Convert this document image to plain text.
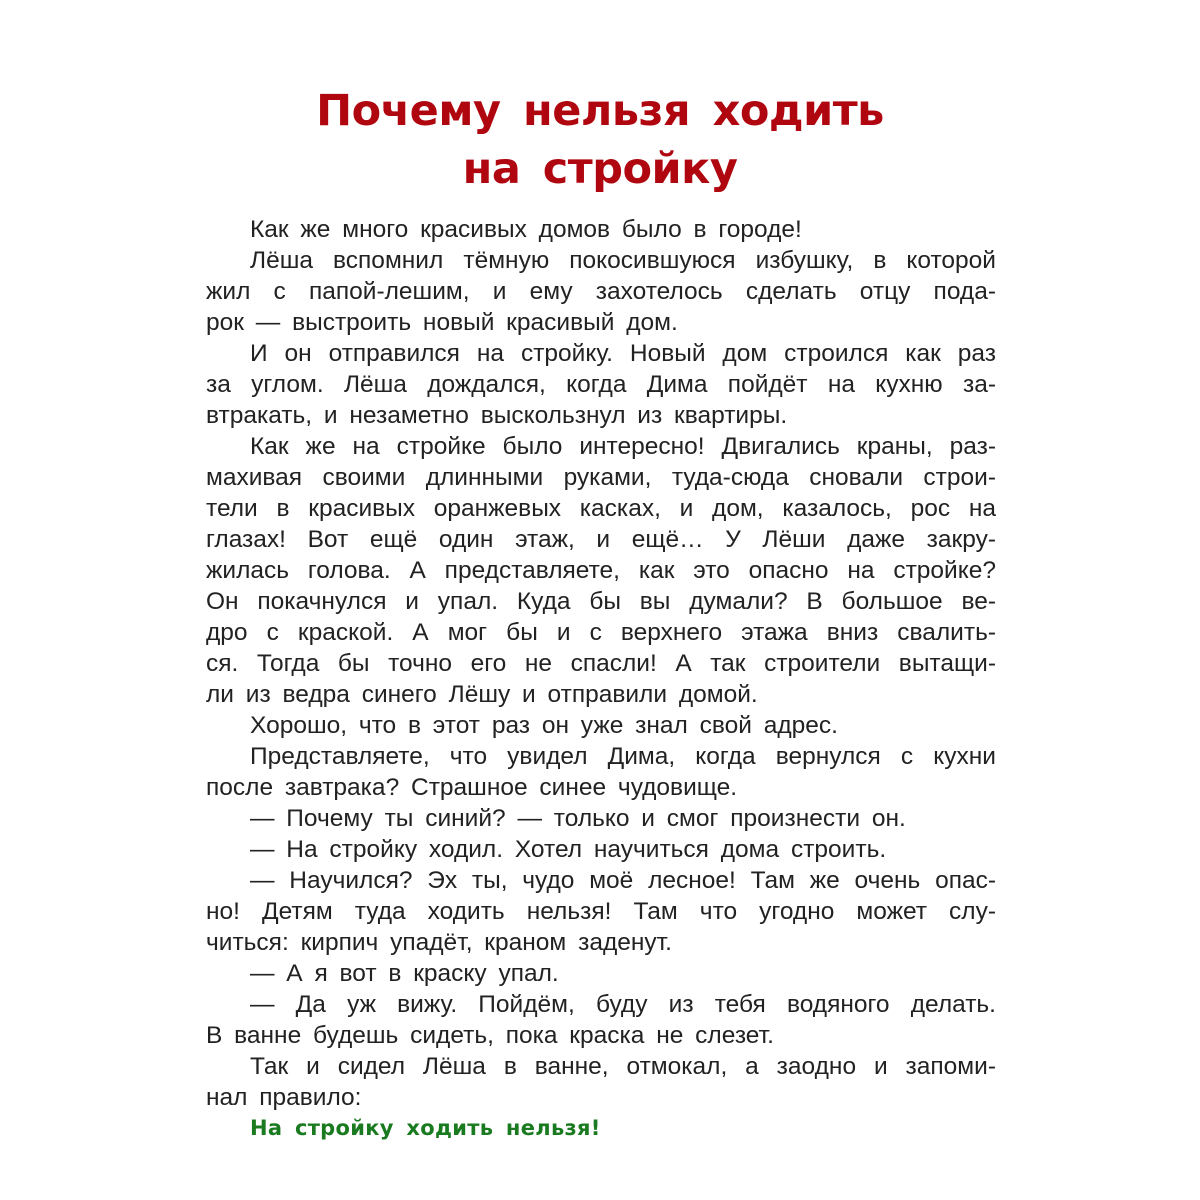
Почему нельзя ходить
на стройку
Как же много красивых домов было в городе!
Лёша вспомнил тёмную покосившуюся избушку, в которой
жил с папой-лешим, и ему захотелось сделать отцу пода-
рок — выстроить новый красивый дом.
И он отправился на стройку. Новый дом строился как раз
за углом. Лёша дождался, когда Дима пойдёт на кухню за-
втракать, и незаметно выскользнул из квартиры.
Как же на стройке было интересно! Двигались краны, раз-
махивая своими длинными руками, туда-сюда сновали строи-
тели в красивых оранжевых касках, и дом, казалось, рос на
глазах! Вот ещё один этаж, и ещё… У Лёши даже закру-
жилась голова. А представляете, как это опасно на стройке?
Он покачнулся и упал. Куда бы вы думали? В большое ве-
дро с краской. А мог бы и с верхнего этажа вниз свалить-
ся. Тогда бы точно его не спасли! А так строители вытащи-
ли из ведра синего Лёшу и отправили домой.
Хорошо, что в этот раз он уже знал свой адрес.
Представляете, что увидел Дима, когда вернулся с кухни
после завтрака? Страшное синее чудовище.
— Почему ты синий? — только и смог произнести он.
— На стройку ходил. Хотел научиться дома строить.
— Научился? Эх ты, чудо моё лесное! Там же очень опас-
но! Детям туда ходить нельзя! Там что угодно может слу-
читься: кирпич упадёт, краном заденут.
— А я вот в краску упал.
— Да уж вижу. Пойдём, буду из тебя водяного делать.
В ванне будешь сидеть, пока краска не слезет.
Так и сидел Лёша в ванне, отмокал, а заодно и запоми-
нал правило:
На стройку ходить нельзя!
